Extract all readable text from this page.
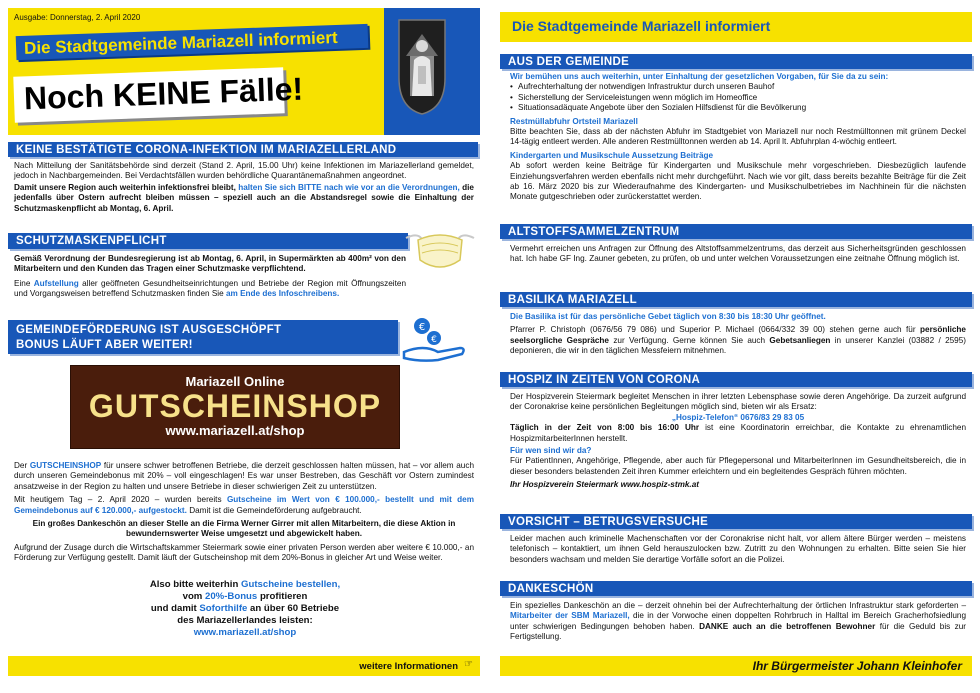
Ausgabe: Donnerstag, 2. April 2020
Die Stadtgemeinde Mariazell informiert
Noch KEINE Fälle!
KEINE BESTÄTIGTE CORONA-INFEKTION IM MARIAZELLERLAND

Nach Mitteilung der Sanitätsbehörde sind derzeit (Stand 2. April, 15.00 Uhr) keine Infektionen im Mariazellerland gemeldet, jedoch in Nachbargemeinden. Bei Verdachtsfällen wurden behördliche Quarantänemaßnahmen angeordnet.

Damit unsere Region auch weiterhin infektionsfrei bleibt, halten Sie sich BITTE nach wie vor an die Verordnungen, die jedenfalls über Ostern aufrecht bleiben müssen – speziell auch an die Abstandsregel sowie die Einhaltung der Schutzmaskenpflicht ab Montag, 6. April.

SCHUTZMASKENPFLICHT

Gemäß Verordnung der Bundesregierung ist ab Montag, 6. April, in Supermärkten ab 400m² von den Mitarbeitern und den Kunden das Tragen einer Schutzmaske verpflichtend.

Eine Aufstellung aller geöffneten Gesundheitseinrichtungen und Betriebe der Region mit Öffnungszeiten und Vorgangsweisen betreffend Schutzmasken finden Sie am Ende des Infoschreibens.

GEMEINDEFÖRDERUNG IST AUSGESCHÖPFT
BONUS LÄUFT ABER WEITER!
€
€
Mariazell Online
GUTSCHEINSHOP
www.mariazell.at/shop

Der GUTSCHEINSHOP für unsere schwer betroffenen Betriebe, die derzeit geschlossen halten müssen, hat – vor allem auch durch unseren Gemeindebonus mit 20% – voll eingeschlagen! Es war unser Bestreben, das Geschäft vor Ostern zumindest ansatzweise in der Region zu halten und unsere Betriebe in dieser schwierigen Zeit zu unterstützen.

Mit heutigem Tag – 2. April 2020 – wurden bereits Gutscheine im Wert von € 100.000,- bestellt und mit dem Gemeindebonus auf € 120.000,- aufgestockt. Damit ist die Gemeindeförderung aufgebraucht.

Ein großes Dankeschön an dieser Stelle an die Firma Werner Girrer mit allen Mitarbeitern, die diese Aktion in bewundernswerter Weise umgesetzt und abgewickelt haben.

Aufgrund der Zusage durch die Wirtschaftskammer Steiermark sowie einer privaten Person werden aber weitere € 10.000,- an Förderung zur Verfügung gestellt. Damit läuft der Gutscheinshop mit dem 20%-Bonus in gleicher Art und Weise weiter.

Also bitte weiterhin Gutscheine bestellen,

vom 20%-Bonus profitieren

und damit Soforthilfe an über 60 Betriebe

des Mariazellerlandes leisten:

www.mariazell.at/shop

weitere Informationen ☞
Die Stadtgemeinde Mariazell informiert
AUS DER GEMEINDE

Wir bemühen uns auch weiterhin, unter Einhaltung der gesetzlichen Vorgaben, für Sie da zu sein:

• Aufrechterhaltung der notwendigen Infrastruktur durch unseren Bauhof
• Sicherstellung der Serviceleistungen wenn möglich im Homeoffice
• Situationsadäquate Angebote über den Sozialen Hilfsdienst für die Bevölkerung

Restmüllabfuhr Ortsteil Mariazell

Bitte beachten Sie, dass ab der nächsten Abfuhr im Stadtgebiet von Mariazell nur noch Restmülltonnen mit grünem Deckel 14-tägig entleert werden. Alle anderen Restmülltonnen werden ab 14. April lt. Abfuhrplan 4-wöchig entleert.

Kindergarten und Musikschule Aussetzung Beiträge

Ab sofort werden keine Beiträge für Kindergarten und Musikschule mehr vorgeschrieben. Diesbezüglich laufende Einziehungsverfahren werden ebenfalls nicht mehr durchgeführt. Nach wie vor gilt, dass bereits bezahlte Beiträge für die Zeit ab 16. März 2020 bis zur Wiederaufnahme des Kindergarten- und Musikschulbetriebes im Nachhinein für die nächsten Monate gutgeschrieben oder zurückerstattet werden.

ALTSTOFFSAMMELZENTRUM

Vermehrt erreichen uns Anfragen zur Öffnung des Altstoffsammelzentrums, das derzeit aus Sicherheitsgründen geschlossen hat. Ich habe GF Ing. Zauner gebeten, zu prüfen, ob und unter welchen Voraussetzungen eine zeitnahe Öffnung möglich ist.

BASILIKA MARIAZELL

Die Basilika ist für das persönliche Gebet täglich von 8:30 bis 18:30 Uhr geöffnet.

Pfarrer P. Christoph (0676/56 79 086) und Superior P. Michael (0664/332 39 00) stehen gerne auch für persönliche seelsorgliche Gespräche zur Verfügung. Gerne können Sie auch Gebetsanliegen in unserer Kanzlei (03882 / 2595) deponieren, die wir in den täglichen Messfeiern mitnehmen.

HOSPIZ IN ZEITEN VON CORONA

Der Hospizverein Steiermark begleitet Menschen in ihrer letzten Lebensphase sowie deren Angehörige. Da zurzeit aufgrund der Coronakrise keine persönlichen Begleitungen möglich sind, bieten wir als Ersatz:

„Hospiz-Telefon“ 0676/83 29 83 05

Täglich in der Zeit von 8:00 bis 16:00 Uhr ist eine Koordinatorin erreichbar, die Kontakte zu ehrenamtlichen HospizmitarbeiterInnen herstellt.

Für wen sind wir da?

Für PatientInnen, Angehörige, Pflegende, aber auch für Pflegepersonal und MitarbeiterInnen im Gesundheitsbereich, die in dieser besonders belastenden Zeit ihren Kummer erleichtern und ein begleitendes Gespräch führen möchten.

Ihr Hospizverein Steiermark www.hospiz-stmk.at

VORSICHT – BETRUGSVERSUCHE

Leider machen auch kriminelle Machenschaften vor der Coronakrise nicht halt, vor allem ältere Bürger werden – meistens telefonisch – kontaktiert, um ihnen Geld herauszulocken bzw. Zutritt zu den Wohnungen zu erhalten. Bitte seien Sie hier besonders wachsam und melden Sie derartige Vorfälle sofort an die Polizei.

DANKESCHÖN

Ein spezielles Dankeschön an die – derzeit ohnehin bei der Aufrechterhaltung der örtlichen Infrastruktur stark geforderten – Mitarbeiter der SBM Mariazell, die in der Vorwoche einen doppelten Rohrbruch in Halltal im Bereich Gracherhofsiedlung unter schwierigen Bedingungen behoben haben. DANKE auch an die betroffenen Bewohner für die Geduld bis zur Fertigstellung.

Ihr Bürgermeister Johann Kleinhofer
